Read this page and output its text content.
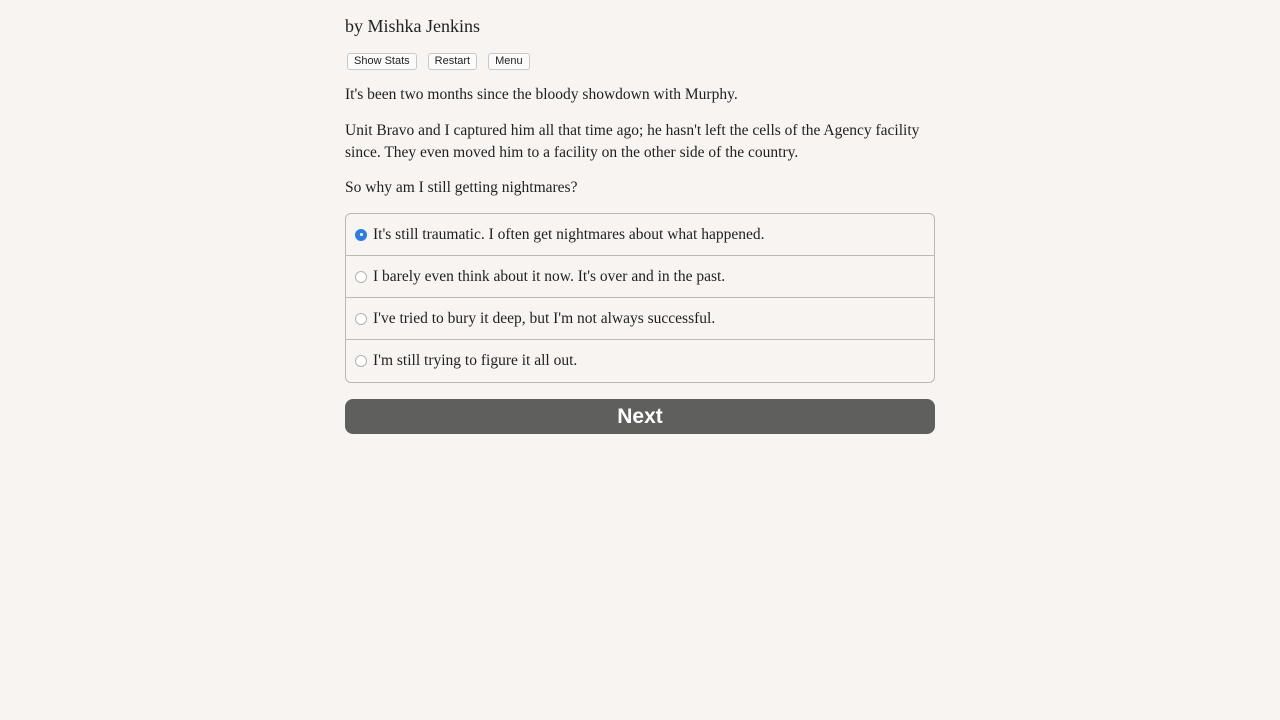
by Mishka Jenkins
Show Stats	Restart	Menu
It's been two months since the bloody showdown with Murphy.
Unit Bravo and I captured him all that time ago; he hasn't left the cells of the Agency facility since. They even moved him to a facility on the other side of the country.
So why am I still getting nightmares?
It's still traumatic. I often get nightmares about what happened.
I barely even think about it now. It's over and in the past.
I've tried to bury it deep, but I'm not always successful.
I'm still trying to figure it all out.
Next
